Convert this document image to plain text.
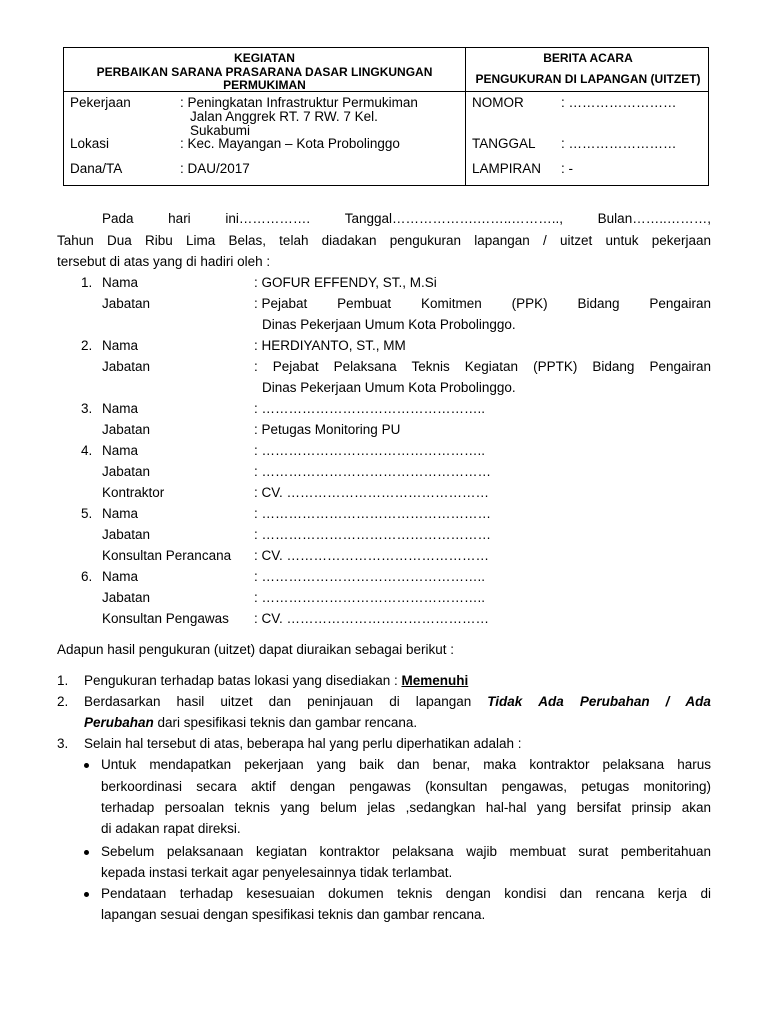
KEGIATAN
PERBAIKAN SARANA PRASARANA DASAR LINGKUNGAN
PERMUKIMAN
BERITA ACARA
PENGUKURAN DI LAPANGAN (UITZET)
Pekerjaan	: Peningkatan Infrastruktur Permukiman
Jalan Anggrek RT. 7 RW. 7 Kel.
Sukabumi
Lokasi	: Kec. Mayangan – Kota Probolinggo
Dana/TA	: DAU/2017
NOMOR	: ……………………
TANGGAL : ……………………
LAMPIRAN : -
Pada	hari	ini…………….	Tanggal……………….……..………..,	Bulan……..………,
Tahun Dua Ribu Lima Belas, telah diadakan pengukuran lapangan / uitzet untuk pekerjaan
tersebut di atas yang di hadiri oleh :
1. Nama	: GOFUR EFFENDY, ST., M.Si
Jabatan	: Pejabat Pembuat Komitmen (PPK) Bidang Pengairan
Dinas Pekerjaan Umum Kota Probolinggo.
2. Nama	: HERDIYANTO, ST., MM
Jabatan	: Pejabat Pelaksana Teknis Kegiatan (PPTK) Bidang Pengairan
Dinas Pekerjaan Umum Kota Probolinggo.
3. Nama	: …………………………………………..
Jabatan	: Petugas Monitoring PU
4. Nama	: …………………………………………..
Jabatan	: ……………………………………………
Kontraktor	: CV. ………………………………………
5. Nama	: ……………………………………………
Jabatan	: ……………………………………………
Konsultan Perancana : CV. ………………………………………
6. Nama	: …………………………………………..
Jabatan	: …………………………………………..
Konsultan Pengawas : CV. ………………………………………
Adapun hasil pengukuran (uitzet) dapat diuraikan sebagai berikut :
1. Pengukuran terhadap batas lokasi yang disediakan : Memenuhi
2. Berdasarkan hasil uitzet dan peninjauan di lapangan Tidak Ada Perubahan / Ada
Perubahan dari spesifikasi teknis dan gambar rencana.
3. Selain hal tersebut di atas, beberapa hal yang perlu diperhatikan adalah :
Untuk mendapatkan pekerjaan yang baik dan benar, maka kontraktor pelaksana harus
berkoordinasi secara aktif dengan pengawas (konsultan pengawas, petugas monitoring)
terhadap persoalan teknis yang belum jelas ,sedangkan hal-hal yang bersifat prinsip akan
di adakan rapat direksi.
Sebelum pelaksanaan kegiatan kontraktor pelaksana wajib membuat surat pemberitahuan
kepada instasi terkait agar penyelesainnya tidak terlambat.
Pendataan terhadap kesesuaian dokumen teknis dengan kondisi dan rencana kerja di
lapangan sesuai dengan spesifikasi teknis dan gambar rencana.
